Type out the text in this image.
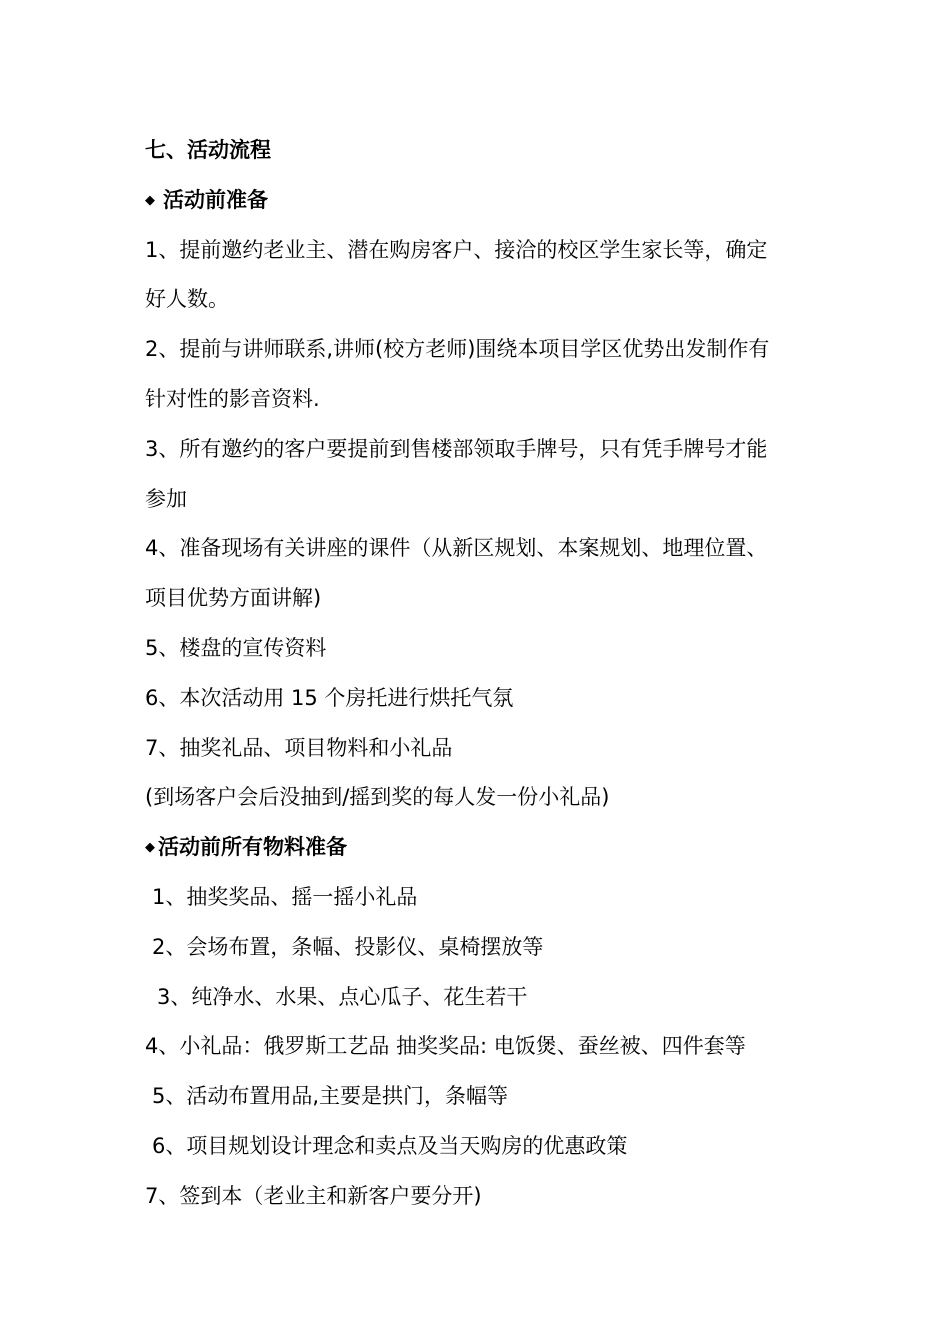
七、活动流程
◆ 活动前准备
1、提前邀约老业主、潜在购房客户、接洽的校区学生家长等，确定
好人数。
2、提前与讲师联系,讲师(校方老师)围绕本项目学区优势出发制作有
针对性的影音资料.
3、所有邀约的客户要提前到售楼部领取手牌号，只有凭手牌号才能
参加
4、准备现场有关讲座的课件（从新区规划、本案规划、地理位置、
项目优势方面讲解)
5、楼盘的宣传资料
6、本次活动用 15 个房托进行烘托气氛
7、抽奖礼品、项目物料和小礼品
(到场客户会后没抽到/摇到奖的每人发一份小礼品)
◆ 活动前所有物料准备
1、抽奖奖品、摇一摇小礼品
2、会场布置，条幅、投影仪、桌椅摆放等
3、纯净水、水果、点心瓜子、花生若干
4、小礼品：俄罗斯工艺品 抽奖奖品: 电饭煲、蚕丝被、四件套等
5、活动布置用品,主要是拱门，条幅等
6、项目规划设计理念和卖点及当天购房的优惠政策
7、签到本（老业主和新客户要分开)
